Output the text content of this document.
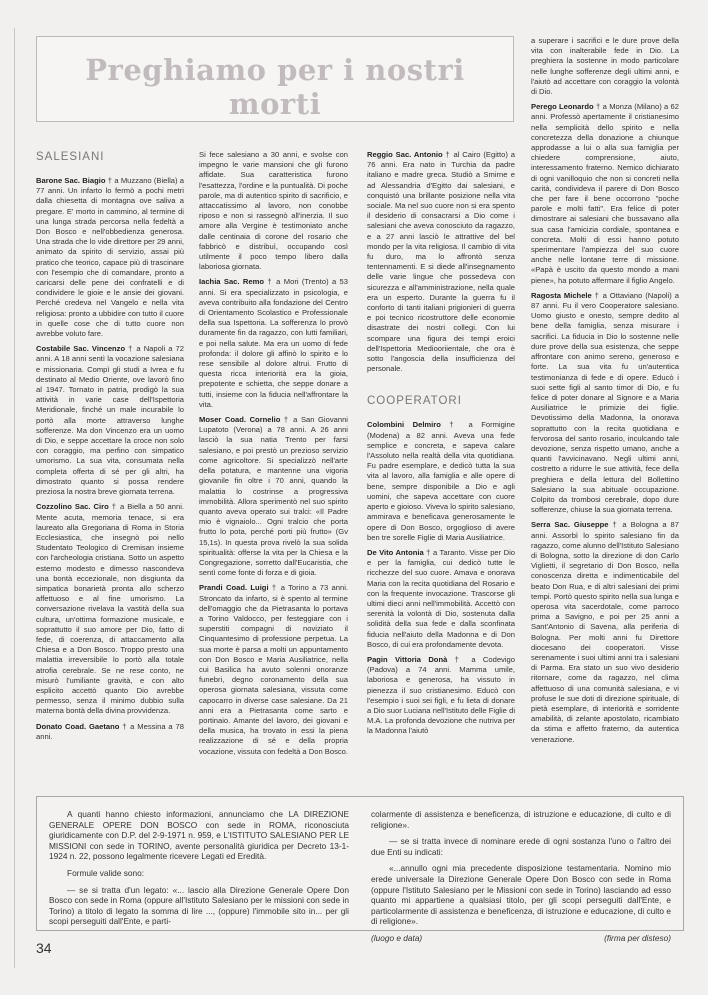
Preghiamo per i nostri morti
SALESIANI

Barone Sac. Biagio † a Muzzano (Biella) a 77 anni. Un infarto lo fermò a pochi metri dalla chiesetta di montagna ove saliva a pregare. E' morto in cammino, al termine di una lunga strada percorsa nella fedeltà a Don Bosco e nell'obbedienza generosa. Una strada che lo vide direttore per 29 anni, animato da spirito di servizio, assai più pratico che teorico, capace più di trascinare con l'esempio che di comandare, pronto a caricarsi delle pene dei confratelli e di condividere le gioie e le ansie dei giovani. Perché credeva nel Vangelo e nella vita religiosa: pronto a ubbidire con tutto il cuore in quelle cose che di tutto cuore non avrebbe voluto fare.

Costabile Sac. Vincenzo † a Napoli a 72 anni. A 18 anni sentì la vocazione salesiana e missionaria. Compì gli studi a Ivrea e fu destinato al Medio Oriente, ove lavorò fino al 1947. Tornato in patria, prodigò la sua attività in varie case dell'Ispettoria Meridionale, finché un male incurabile lo portò alla morte attraverso lunghe sofferenze. Ma don Vincenzo era un uomo di Dio, e seppe accettare la croce non solo con coraggio, ma perfino con simpatico umorismo. La sua vita, consumata nella completa offerta di sé per gli altri, ha dimostrato quanto si possa rendere preziosa la nostra breve giornata terrena.

Cozzolino Sac. Ciro † a Biella a 50 anni. Mente acuta, memoria tenace, si era laureato alla Gregoriana di Roma in Storia Ecclesiastica, che insegnò poi nello Studentato Teologico di Cremisan insieme con l'archeologia cristiana. Sotto un aspetto esterno modesto e dimesso nascondeva una bontà eccezionale, non disgiunta da simpatica bonarietà pronta allo scherzo affettuoso e al fine umorismo. La conversazione rivelava la vastità della sua cultura, un'ottima formazione musicale, e soprattutto il suo amore per Dio, fatto di fede, di coerenza, di attaccamento alla Chiesa e a Don Bosco. Troppo presto una malattia irreversibile lo portò alla totale atrofia cerebrale. Se ne rese conto, ne misurò l'umiliante gravità, e con alto esplicito accettò quanto Dio avrebbe permesso, senza il minimo dubbio sulla materna bontà della divina provvidenza.

Donato Coad. Gaetano † a Messina a 78 anni.

Si fece salesiano a 30 anni, e svolse con impegno le varie mansioni che gli furono affidate. Sua caratteristica furono l'esattezza, l'ordine e la puntualità. Di poche parole, ma di autentico spirito di sacrificio, e attaccatissimo al lavoro, non conobbe riposo e non si rassegnò all'inerzia. Il suo amore alla Vergine è testimoniato anche dalle centinaia di corone del rosario che fabbricò e distribuì, occupando così utilmente il poco tempo libero dalla laboriosa giornata.

Iachia Sac. Remo † a Mori (Trento) a 53 anni. Si era specializzato in psicologia, e aveva contribuito alla fondazione del Centro di Orientamento Scolastico e Professionale della sua Ispettoria. La sofferenza lo provò duramente fin da ragazzo, con lutti familiari, e poi nella salute. Ma era un uomo di fede profonda: il dolore gli affinò lo spirito e lo rese sensibile al dolore altrui. Frutto di questa ricca interiorità era la gioia, prepotente e schietta, che seppe donare a tutti, insieme con la fiducia nell'affrontare la vita.

Moser Coad. Cornelio † a San Giovanni Lupatoto (Verona) a 78 anni. A 26 anni lasciò la sua natia Trento per farsi salesiano, e poi prestò un prezioso servizio come agricoltore. Si specializzò nell'arte della potatura, e mantenne una vigoria giovanile fin oltre i 70 anni, quando la malattia lo costrinse a progressiva immobilità. Allora sperimentò nel suo spirito quanto aveva operato sui tralci: «Il Padre mio è vignaiolo... Ogni tralcio che porta frutto lo pota, perché porti più frutto» (Gv 15,1s). In questa prova rivelò la sua solida spiritualità: offerse la vita per la Chiesa e la Congregazione, sorretto dall'Eucaristia, che sentì come fonte di forza e di gioia.

Prandi Coad. Luigi † a Torino a 73 anni. Stroncato da infarto, si è spento al termine dell'omaggio che da Pietrasanta lo portava a Torino Valdocco, per festeggiare con i superstiti compagni di noviziato il Cinquantesimo di professione perpetua. La sua morte è parsa a molti un appuntamento con Don Bosco e Maria Ausiliatrice, nella cui Basilica ha avuto solenni onoranze funebri, degno coronamento della sua operosa giornata salesiana, vissuta come capocarro in diverse case salesiane. Da 21 anni era a Pietrasanta come sarto e portinaio. Amante del lavoro, dei giovani e della musica, ha trovato in essi la piena realizzazione di sé e della propria vocazione, vissuta con fedeltà a Don Bosco.

Reggio Sac. Antonio † al Cairo (Egitto) a 76 anni. Era nato in Turchia da padre italiano e madre greca. Studiò a Smirne e ad Alessandria d'Egitto dai salesiani, e conquistò una brillante posizione nella vita sociale. Ma nel suo cuore non si era spento il desiderio di consacrarsi a Dio come i salesiani che aveva conosciuto da ragazzo, e a 27 anni lasciò le attrattive del bel mondo per la vita religiosa. Il cambio di vita fu duro, ma lo affrontò senza tentennamenti. E si diede all'insegnamento delle varie lingue che possedeva con sicurezza e all'amministrazione, nella quale era un esperto. Durante la guerra fu il conforto di tanti italiani prigionieri di guerra e poi tecnico ricostruttore delle economie disastrate dei nostri collegi. Con lui scompare una figura dei tempi eroici dell'Ispettoria Mediooriientale, che ora è sotto l'angoscia della insufficienza del personale.

COOPERATORI

Colombini Delmiro † a Formigine (Modena) a 82 anni. Aveva una fede semplice e concreta, e sapeva calare l'Assoluto nella realtà della vita quotidiana. Fu padre esemplare, e dedicò tutta la sua vita al lavoro, alla famiglia e alle opere di bene, sempre disponibile a Dio e agli uomini, che sapeva accettare con cuore aperto e gioioso. Viveva lo spirito salesiano, ammirava e beneficava generosamente le opere di Don Bosco, orgoglioso di avere ben tre sorelle Figlie di Maria Ausiliatrice.

De Vito Antonia † a Taranto. Visse per Dio e per la famiglia, cui dedicò tutte le ricchezze del suo cuore. Amava e onorava Maria con la recita quotidiana del Rosario e con la frequente invocazione. Trascorse gli ultimi dieci anni nell'immobilità. Accettò con serenità la volontà di Dio, sostenuta dalla solidità della sua fede e dalla sconfinata fiducia nell'aiuto della Madonna e di Don Bosco, di cui era profondamente devota.

Pagin Vittoria Donà † a Codevigo (Padova) a 74 anni. Mamma umile, laboriosa e generosa, ha vissuto in pienezza il suo cristianesimo. Educò con l'esempio i suoi sei figli, e fu lieta di donare a Dio suor Luciana nell'Istituto delle Figlie di M.A. La profonda devozione che nutriva per la Madonna l'aiutò

a superare i sacrifici e le dure prove della vita con inalterabile fede in Dio. La preghiera la sostenne in modo particolare nelle lunghe sofferenze degli ultimi anni, e l'aiutò ad accettare con coraggio la volontà di Dio.

Perego Leonardo † a Monza (Milano) a 62 anni. Professò apertamente il cristianesimo nella semplicità dello spirito e nella concretezza della donazione a chiunque approdasse a lui o alla sua famiglia per chiedere comprensione, aiuto, interessamento fraterno. Nemico dichiarato di ogni vanilloquio che non si concreti nella carità, condivideva il parere di Don Bosco che per fare il bene occorrono "poche parole e molti fatti". Era felice di poter dimostrare ai salesiani che bussavano alla sua casa l'amicizia cordiale, spontanea e concreta. Molti di essi hanno potuto sperimentare l'ampiezza del suo cuore anche nelle lontane terre di missione. «Papà è uscito da questo mondo a mani piene», ha potuto affermare il figlio Angelo.

Ragosta Michele † a Ottaviano (Napoli) a 87 anni. Fu il vero Cooperatore salesiano. Uomo giusto e onesto, sempre dedito al bene della famiglia, senza misurare i sacrifici. La fiducia in Dio lo sostenne nelle dure prove della sua esistenza, che seppe affrontare con animo sereno, generoso e forte. La sua vita fu un'autentica testimonianza di fede e di opere. Educò i suoi sette figli al santo timor di Dio, e fu felice di poter donare al Signore e a Maria Ausiliatrice le primizie dei figlie. Devotissimo della Madonna, la onorava soprattutto con la recita quotidiana e fervorosa del santo rosario, inculcando tale devozione, senza rispetto umano, anche a quanti l'avvicinavano. Negli ultimi anni, costretto a ridurre le sue attività, fece della preghiera e della lettura del Bollettino Salesiano la sua abituale occupazione. Colpito da trombosi cerebrale, dopo dure sofferenze, chiuse la sua giornata terrena.

Serra Sac. Giuseppe † a Bologna a 87 anni. Assorbì lo spirito salesiano fin da ragazzo, come alunno dell'Istituto Salesiano di Bologna, sotto la direzione di don Carlo Viglietti, il segretario di Don Bosco, nella conoscenza diretta e indimenticabile del beato Don Rua, e di altri salesiani dei primi tempi. Portò questo spirito nella sua lunga e operosa vita sacerdotale, come parroco prima a Savigno, e poi per 25 anni a Sant'Antonio di Savena, alla periferia di Bologna. Per molti anni fu Direttore diocesano dei cooperatori. Visse serenamente i suoi ultimi anni tra i salesiani di Parma. Era stato un suo vivo desiderio ritornare, come da ragazzo, nel clima affettuoso di una comunità salesiana, e vi profuse le sue doti di direzione spirituale, di pietà esemplare, di interiorità e sorridente amabilità, di zelante apostolato, ricambiato da stima e affetto fraterno, da autentica venerazione.

A quanti hanno chiesto informazioni, annunciamo che LA DIREZIONE GENERALE OPERE DON BOSCO con sede in ROMA, riconosciuta giuridicamente con D.P. del 2-9-1971 n. 959, e L'ISTITUTO SALESIANO PER LE MISSIONI con sede in TORINO, avente personalità giuridica per Decreto 13-1-1924 n. 22, possono legalmente ricevere Legati ed Eredità.

Formule valide sono:

— se si tratta d'un legato: «... lascio alla Direzione Generale Opere Don Bosco con sede in Roma (oppure all'Istituto Salesiano per le missioni con sede in Torino) a titolo di legato la somma di lire ..., (oppure) l'immobile sito in... per gli scopi perseguiti dall'Ente, e parti-

colarmente di assistenza e beneficenza, di istruzione e educazione, di culto e di religione».

— se si tratta invece di nominare erede di ogni sostanza l'uno o l'altro dei due Enti su indicati:

«...annullo ogni mia precedente disposizione testamentaria. Nomino mio erede universale la Direzione Generale Opere Don Bosco con sede in Roma (oppure l'Istituto Salesiano per le Missioni con sede in Torino) lasciando ad esso quanto mi appartiene a qualsiasi titolo, per gli scopi perseguiti dall'Ente, e particolarmente di assistenza e beneficenza, di istruzione e educazione, di culto e di religione».

(luogo e data)	(firma per disteso)
34
